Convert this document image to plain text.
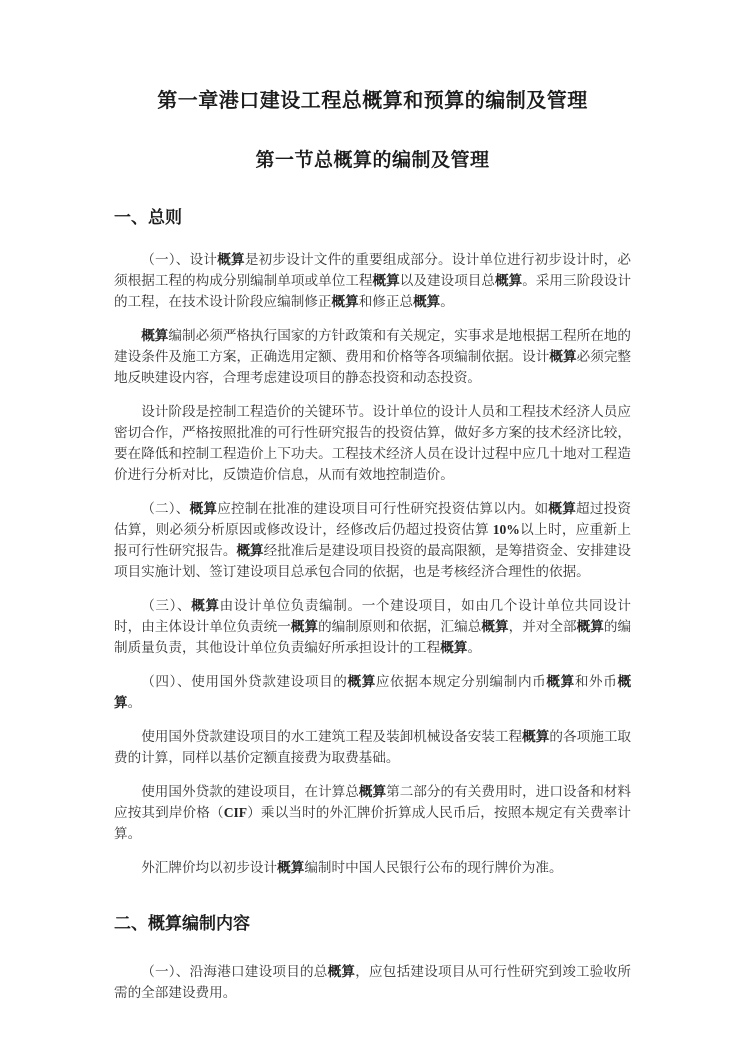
第一章港口建设工程总概算和预算的编制及管理
第一节总概算的编制及管理
一、总则

（一）、设计概算是初步设计文件的重要组成部分。设计单位进行初步设计时，必须根据工程的构成分别编制单项或单位工程概算以及建设项目总概算。采用三阶段设计的工程，在技术设计阶段应编制修正概算和修正总概算。

概算编制必须严格执行国家的方针政策和有关规定，实事求是地根据工程所在地的建设条件及施工方案，正确选用定额、费用和价格等各项编制依据。设计概算必须完整地反映建设内容，合理考虑建设项目的静态投资和动态投资。

设计阶段是控制工程造价的关键环节。设计单位的设计人员和工程技术经济人员应密切合作，严格按照批准的可行性研究报告的投资估算，做好多方案的技术经济比较，要在降低和控制工程造价上下功夫。工程技术经济人员在设计过程中应几十地对工程造价进行分析对比，反馈造价信息，从而有效地控制造价。

（二）、概算应控制在批准的建设项目可行性研究投资估算以内。如概算超过投资估算，则必须分析原因或修改设计，经修改后仍超过投资估算 10%以上时，应重新上报可行性研究报告。概算经批准后是建设项目投资的最高限额，是筹措资金、安排建设项目实施计划、签订建设项目总承包合同的依据，也是考核经济合理性的依据。

（三）、概算由设计单位负责编制。一个建设项目，如由几个设计单位共同设计时，由主体设计单位负责统一概算的编制原则和依据，汇编总概算，并对全部概算的编制质量负责，其他设计单位负责编好所承担设计的工程概算。

（四）、使用国外贷款建设项目的概算应依据本规定分别编制内币概算和外币概算。

使用国外贷款建设项目的水工建筑工程及装卸机械设备安装工程概算的各项施工取费的计算，同样以基价定额直接费为取费基础。

使用国外贷款的建设项目，在计算总概算第二部分的有关费用时，进口设备和材料应按其到岸价格（CIF）乘以当时的外汇牌价折算成人民币后，按照本规定有关费率计算。

外汇牌价均以初步设计概算编制时中国人民银行公布的现行牌价为准。

二、概算编制内容

（一）、沿海港口建设项目的总概算，应包括建设项目从可行性研究到竣工验收所需的全部建设费用。
